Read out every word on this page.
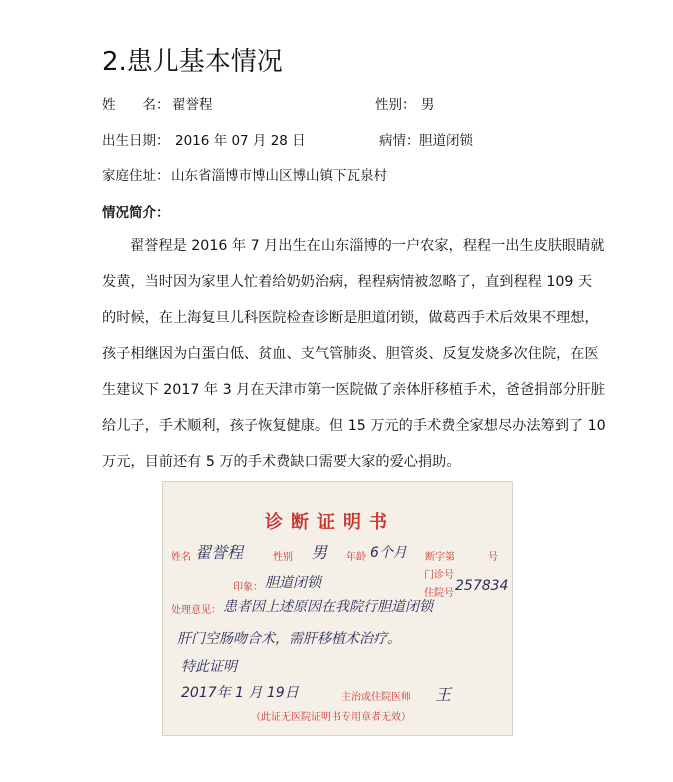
2.患儿基本情况
姓　　名： 翟誉程	性别： 男
出生日期： 2016 年 07 月 28 日	病情： 胆道闭锁
家庭住址： 山东省淄博市博山区博山镇下瓦泉村
情况简介：
翟誉程是 2016 年 7 月出生在山东淄博的一户农家，程程一出生皮肤眼睛就
发黄，当时因为家里人忙着给奶奶治病，程程病情被忽略了，直到程程 109 天
的时候，在上海复旦儿科医院检查诊断是胆道闭锁，做葛西手术后效果不理想，
孩子相继因为白蛋白低、贫血、支气管肺炎、胆管炎、反复发烧多次住院，在医
生建议下 2017 年 3 月在天津市第一医院做了亲体肝移植手术，爸爸捐部分肝脏
给儿子，手术顺利，孩子恢复健康。但 15 万元的手术费全家想尽办法筹到了 10
万元，目前还有 5 万的手术费缺口需要大家的爱心捐助。
诊断证明书
姓名 翟誉程	性别 男 年龄 6个月 断字第	号
门诊号
印象： 胆道闭锁
住院号 257834
处理意见： 患者因上述原因在我院行胆道闭锁
肝门空肠吻合术，需肝移植术治疗。
特此证明
2017年 1 月 19日	主治或住院医师 王
（此证无医院证明书专用章者无效）
